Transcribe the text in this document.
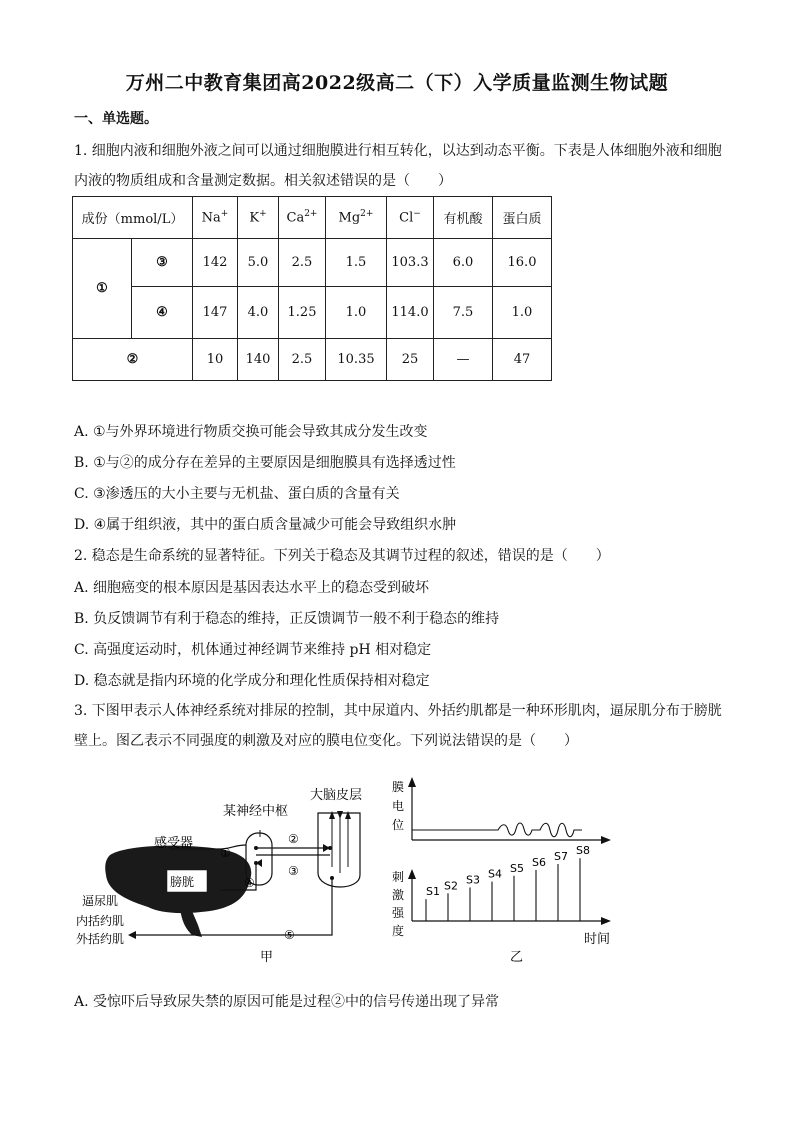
万州二中教育集团高2022级高二（下）入学质量监测生物试题
一、单选题。
1. 细胞内液和细胞外液之间可以通过细胞膜进行相互转化，以达到动态平衡。下表是人体细胞外液和细胞内液的物质组成和含量测定数据。相关叙述错误的是（　　）
成份（mmol/L）		Na+	K+	$Ca^{2+}$	$Mg^{2+}$	Cl−	有机酸	蛋白质
①	③	142	5.0	2.5	1.5	103.3	6.0	16.0
	④	147	4.0	1.25	1.0	114.0	7.5	1.0
②		10	140	2.5	10.35	25	—	47
A. ①与外界环境进行物质交换可能会导致其成分发生改变
B. ①与②的成分存在差异的主要原因是细胞膜具有选择透过性
C. ③渗透压的大小主要与无机盐、蛋白质的含量有关
D. ④属于组织液，其中的蛋白质含量减少可能会导致组织水肿
2. 稳态是生命系统的显著特征。下列关于稳态及其调节过程的叙述，错误的是（　　）
A. 细胞癌变的根本原因是基因表达水平上的稳态受到破坏
B. 负反馈调节有利于稳态的维持，正反馈调节一般不利于稳态的维持
C. 高强度运动时，机体通过神经调节来维持 pH 相对稳定
D. 稳态就是指内环境的化学成分和理化性质保持相对稳定
3. 下图甲表示人体神经系统对排尿的控制，其中尿道内、外括约肌都是一种环形肌肉，逼尿肌分布于膀胱壁上。图乙表示不同强度的刺激及对应的膜电位变化。下列说法错误的是（　　）
膀胱
大脑皮层
某神经中枢
感受器
逼尿肌
内括约肌
外括约肌
①
②
③
④
⑤
甲
膜
电
位
刺
激
强
度
S1 S2 S3 S4 S5 S6 S7 S8
时间
乙
A. 受惊吓后导致尿失禁的原因可能是过程②中的信号传递出现了异常
